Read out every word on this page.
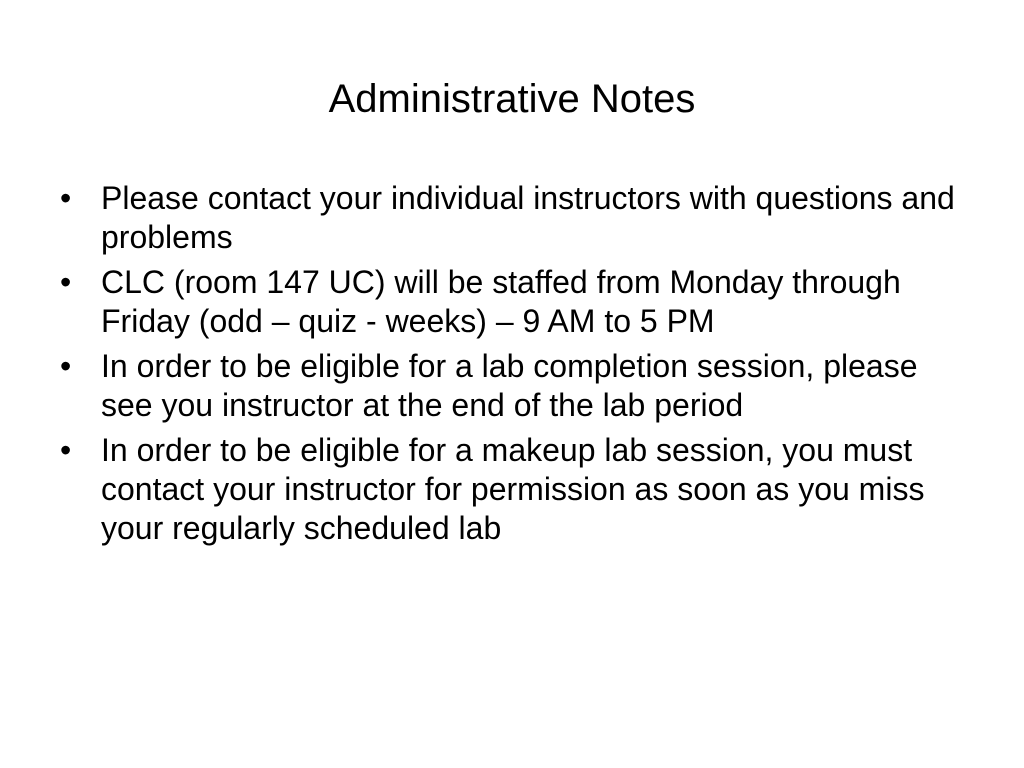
Administrative Notes
• Please contact your individual instructors with questions and problems
• CLC (room 147 UC) will be staffed from Monday through Friday (odd – quiz - weeks) – 9 AM to 5 PM
• In order to be eligible for a lab completion session, please see you instructor at the end of the lab period
• In order to be eligible for a makeup lab session, you must contact your instructor for permission as soon as you miss your regularly scheduled lab
